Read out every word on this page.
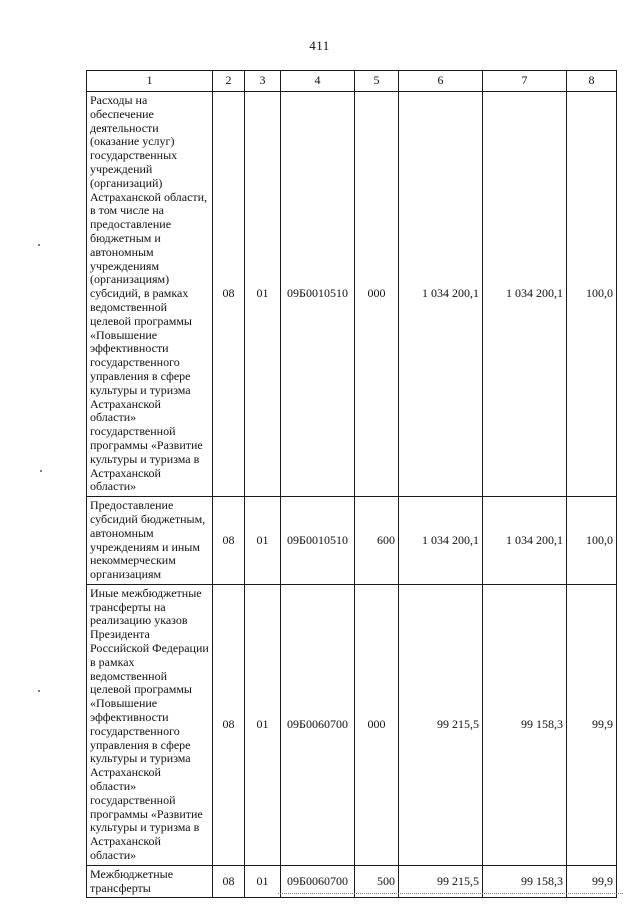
411
1	2	3	4	5	6	7	8
Расходы на обеспечение деятельности (оказание услуг) государственных учреждений (организаций) Астраханской области, в том числе на предоставление бюджетным и автономным учреждениям (организациям) субсидий, в рамках ведомственной целевой программы «Повышение эффективности государственного управления в сфере культуры и туризма Астраханской области» государственной программы «Развитие культуры и туризма в Астраханской области»	08	01	09Б0010510	000	1 034 200,1	1 034 200,1	100,0
Предоставление субсидий бюджетным, автономным учреждениям и иным некоммерческим организациям	08	01	09Б0010510	600	1 034 200,1	1 034 200,1	100,0
Иные межбюджетные трансферты на реализацию указов Президента Российской Федерации в рамках ведомственной целевой программы «Повышение эффективности государственного управления в сфере культуры и туризма Астраханской области» государственной программы «Развитие культуры и туризма в Астраханской области»	08	01	09Б0060700	000	99 215,5	99 158,3	99,9
Межбюджетные трансферты	08	01	09Б0060700	500	99 215,5	99 158,3	99,9
